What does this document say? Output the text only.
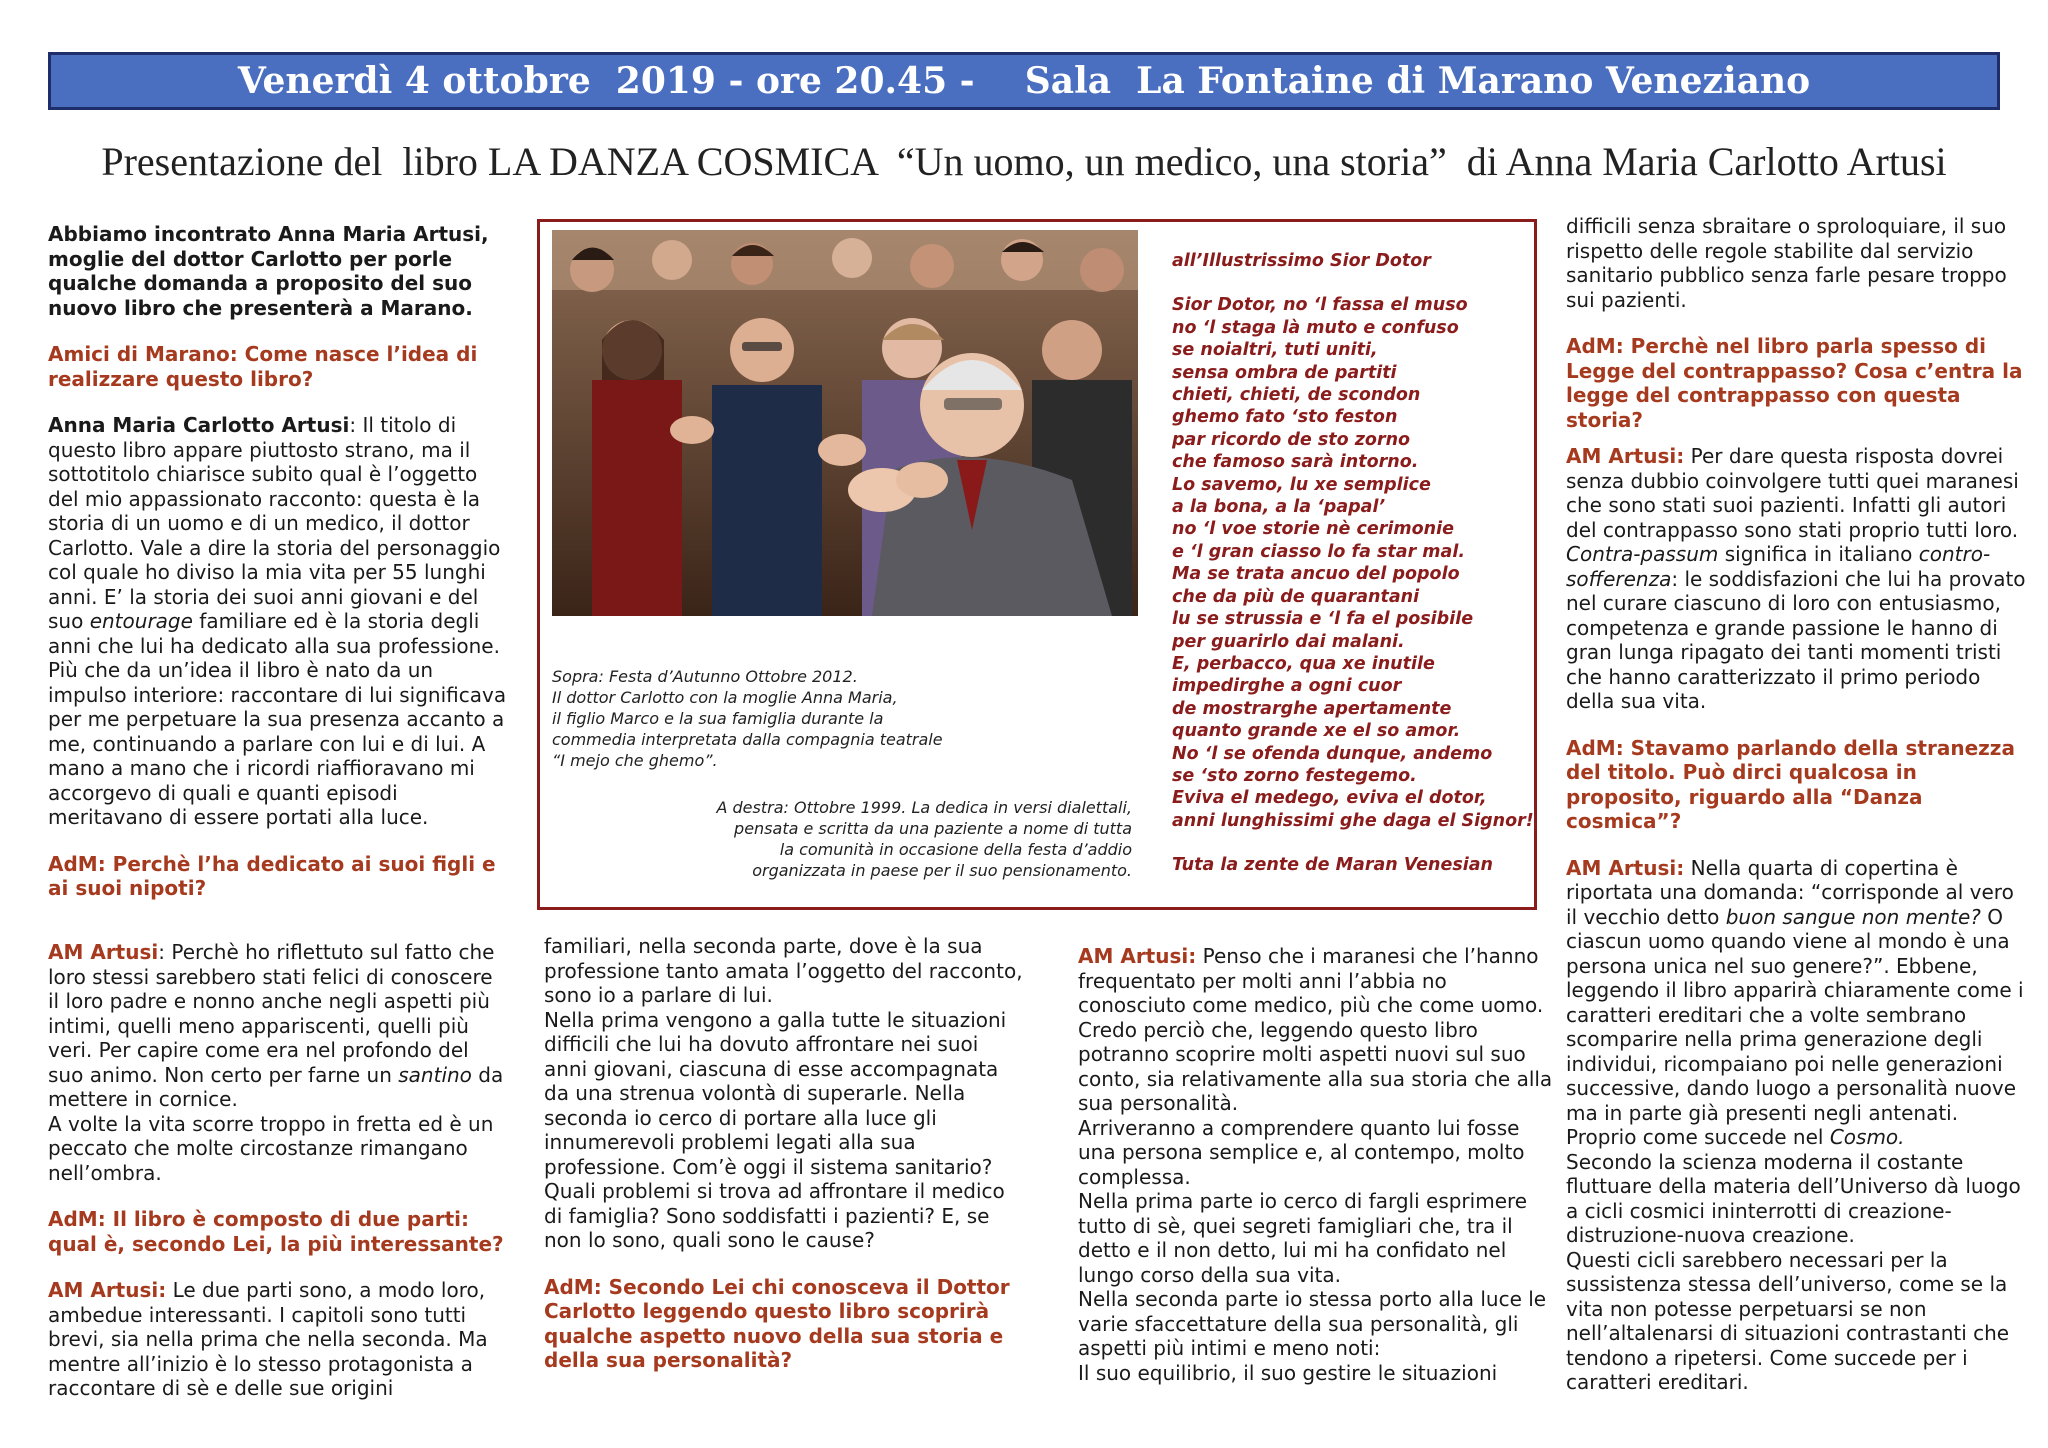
Venerdì 4 ottobre  2019 - ore 20.45 -    Sala  La Fontaine di Marano Veneziano
Presentazione del  libro LA DANZA COSMICA  “Un uomo, un medico, una storia”  di Anna Maria Carlotto Artusi

Abbiamo incontrato Anna Maria Artusi, moglie del dottor Carlotto per porle qualche domanda a proposito del suo nuovo libro che presenterà a Marano.

Amici di Marano: Come nasce l’idea di realizzare questo libro?

Anna Maria Carlotto Artusi: Il titolo di questo libro appare piuttosto strano, ma il sottotitolo chiarisce subito qual è l’oggetto del mio appassionato racconto: questa è la storia di un uomo e di un medico, il dottor Carlotto. Vale a dire la storia del personaggio col quale ho diviso la mia vita per 55 lunghi anni. E’ la storia dei suoi anni giovani e del suo entourage familiare ed è la storia degli anni che lui ha dedicato alla sua professione. Più che da un’idea il libro è nato da un impulso interiore: raccontare di lui significava per me perpetuare la sua presenza accanto a me, continuando a parlare con lui e di lui. A mano a mano che i ricordi riaffioravano mi accorgevo di quali e quanti episodi meritavano di essere portati alla luce.

AdM: Perchè l’ha dedicato ai suoi figli e ai suoi nipoti?

AM Artusi: Perchè ho riflettuto sul fatto che loro stessi sarebbero stati felici di conoscere il loro padre e nonno anche negli aspetti più intimi, quelli meno appariscenti, quelli più veri. Per capire come era nel profondo del suo animo. Non certo per farne un santino da mettere in cornice.
A volte la vita scorre troppo in fretta ed è un peccato che molte circostanze rimangano nell’ombra.

AdM: Il libro è composto di due parti: qual è, secondo Lei, la più interessante?

AM Artusi: Le due parti sono, a modo loro, ambedue interessanti. I capitoli sono tutti brevi, sia nella prima che nella seconda. Ma mentre all’inizio è lo stesso protagonista a raccontare di sè e delle sue origini

familiari, nella seconda parte, dove è la sua professione tanto amata l’oggetto del racconto, sono io a parlare di lui.
Nella prima vengono a galla tutte le situazioni difficili che lui ha dovuto affrontare nei suoi anni giovani, ciascuna di esse accompagnata da una strenua volontà di superarle. Nella seconda io cerco di portare alla luce gli innumerevoli problemi legati alla sua professione. Com’è oggi il sistema sanitario? Quali problemi si trova ad affrontare il medico di famiglia? Sono soddisfatti i pazienti? E, se non lo sono, quali sono le cause?

AdM: Secondo Lei chi conosceva il Dottor Carlotto leggendo questo libro scoprirà qualche aspetto nuovo della sua storia e della sua personalità?

AM Artusi: Penso che i maranesi che l’hanno frequentato per molti anni l’abbia no conosciuto come medico, più che come uomo. Credo perciò che, leggendo questo libro potranno scoprire molti aspetti nuovi sul suo conto, sia relativamente alla sua storia che alla sua personalità.
Arriveranno a comprendere quanto lui fosse una persona semplice e, al contempo, molto complessa.
Nella prima parte io cerco di fargli esprimere tutto di sè, quei segreti famigliari che, tra il detto e il non detto, lui mi ha confidato nel lungo corso della sua vita.
Nella seconda parte io stessa porto alla luce le varie sfaccettature della sua personalità, gli aspetti più intimi e meno noti:
Il suo equilibrio, il suo gestire le situazioni

difficili senza sbraitare o sproloquiare, il suo rispetto delle regole stabilite dal servizio sanitario pubblico senza farle pesare troppo sui pazienti.

AdM: Perchè nel libro parla spesso di Legge del contrappasso? Cosa c’entra la legge del contrappasso con questa storia?

AM Artusi: Per dare questa risposta dovrei senza dubbio coinvolgere tutti quei maranesi che sono stati suoi pazienti. Infatti gli autori del contrappasso sono stati proprio tutti loro.
Contra-passum significa in italiano contro-sofferenza: le soddisfazioni che lui ha provato nel curare ciascuno di loro con entusiasmo, competenza e grande passione le hanno di gran lunga ripagato dei tanti momenti tristi che hanno caratterizzato il primo periodo della sua vita.

AdM: Stavamo parlando della stranezza del titolo. Può dirci qualcosa in proposito, riguardo alla “Danza cosmica”?

AM Artusi: Nella quarta di copertina è riportata una domanda: “corrisponde al vero il vecchio detto buon sangue non mente? O ciascun uomo quando viene al mondo è una persona unica nel suo genere?”. Ebbene, leggendo il libro apparirà chiaramente come i caratteri ereditari che a volte sembrano scomparire nella prima generazione degli individui, ricompaiano poi nelle generazioni successive, dando luogo a personalità nuove ma in parte già presenti negli antenati. Proprio come succede nel Cosmo.
Secondo la scienza moderna il costante fluttuare della materia dell’Universo dà luogo a cicli cosmici ininterrotti di creazione-distruzione-nuova creazione.
Questi cicli sarebbero necessari per la sussistenza stessa dell’universo, come se la vita non potesse perpetuarsi se non nell’altalenarsi di situazioni contrastanti che tendono a ripetersi. Come succede per i caratteri ereditari.

Sopra: Festa d’Autunno Ottobre 2012.
Il dottor Carlotto con la moglie Anna Maria,
il figlio Marco e la sua famiglia durante la
commedia interpretata dalla compagnia teatrale
“I mejo che ghemo”.
A destra: Ottobre 1999. La dedica in versi dialettali,
pensata e scritta da una paziente a nome di tutta
la comunità in occasione della festa d’addio
organizzata in paese per il suo pensionamento.
all’Illustrissimo Sior Dotor
Sior Dotor, no ‘l fassa el muso
no ‘l staga là muto e confuso
se noialtri, tuti uniti,
sensa ombra de partiti
chieti, chieti, de scondon
ghemo fato ‘sto feston
par ricordo de sto zorno
che famoso sarà intorno.
Lo savemo, lu xe semplice
a la bona, a la ‘papal’
no ‘l voe storie nè cerimonie
e ‘l gran ciasso lo fa star mal.
Ma se trata ancuo del popolo
che da più de quarantani
lu se strussia e ‘l fa el posibile
per guarirlo dai malani.
E, perbacco, qua xe inutile
impedirghe a ogni cuor
de mostrarghe apertamente
quanto grande xe el so amor.
No ‘l se ofenda dunque, andemo
se ‘sto zorno festegemo.
Eviva el medego, eviva el dotor,
anni lunghissimi ghe daga el Signor!
Tuta la zente de Maran Venesian
